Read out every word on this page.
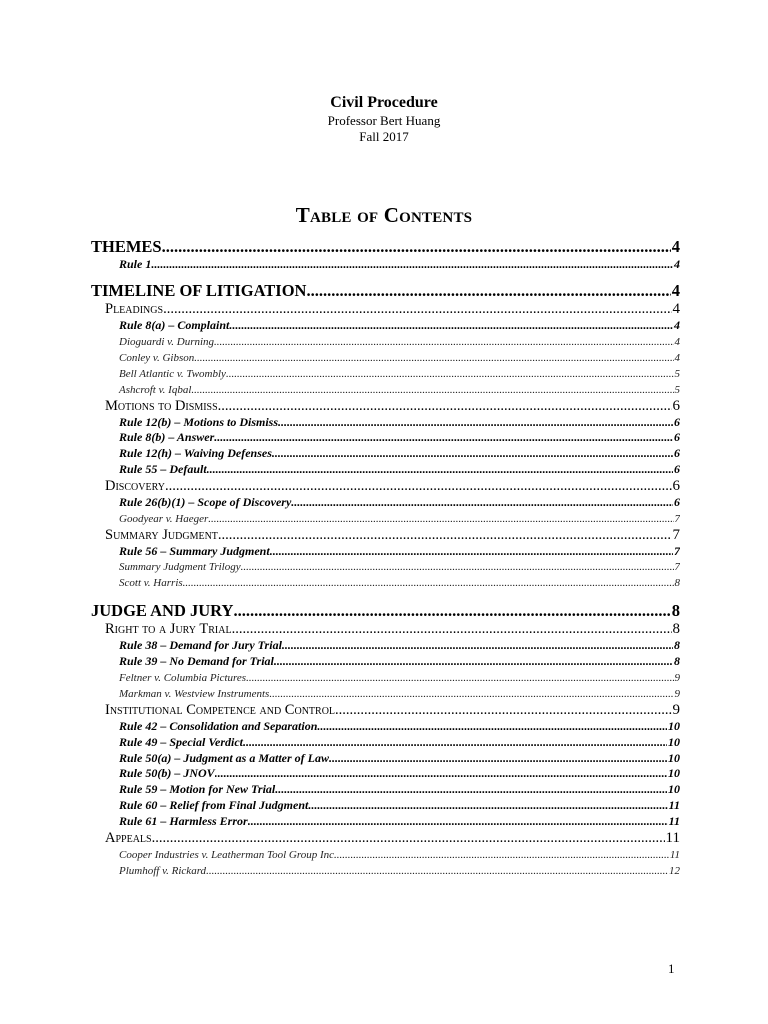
Civil Procedure
Professor Bert Huang
Fall 2017
Table of Contents
THEMES .....	4
Rule 1 .....	4
TIMELINE OF LITIGATION .....	4
Pleadings .....	4
Rule 8(a) – Complaint .....	4
Dioguardi v. Durning .....	4
Conley v. Gibson .....	4
Bell Atlantic v. Twombly .....	5
Ashcroft v. Iqbal .....	5
Motions to Dismiss .....	6
Rule 12(b) – Motions to Dismiss .....	6
Rule 8(b) – Answer .....	6
Rule 12(h) – Waiving Defenses .....	6
Rule 55 – Default .....	6
Discovery .....	6
Rule 26(b)(1) – Scope of Discovery .....	6
Goodyear v. Haeger .....	7
Summary Judgment .....	7
Rule 56 – Summary Judgment .....	7
Summary Judgment Trilogy .....	7
Scott v. Harris .....	8
JUDGE AND JURY .....	8
Right to a Jury Trial .....	8
Rule 38 – Demand for Jury Trial .....	8
Rule 39 – No Demand for Trial .....	8
Feltner v. Columbia Pictures .....	9
Markman v. Westview Instruments .....	9
Institutional Competence and Control .....	9
Rule 42 – Consolidation and Separation .....	10
Rule 49 – Special Verdict .....	10
Rule 50(a) – Judgment as a Matter of Law .....	10
Rule 50(b) – JNOV .....	10
Rule 59 – Motion for New Trial .....	10
Rule 60 – Relief from Final Judgment .....	11
Rule 61 – Harmless Error .....	11
Appeals .....	11
Cooper Industries v. Leatherman Tool Group Inc. .....	11
Plumhoff v. Rickard .....	12
1
